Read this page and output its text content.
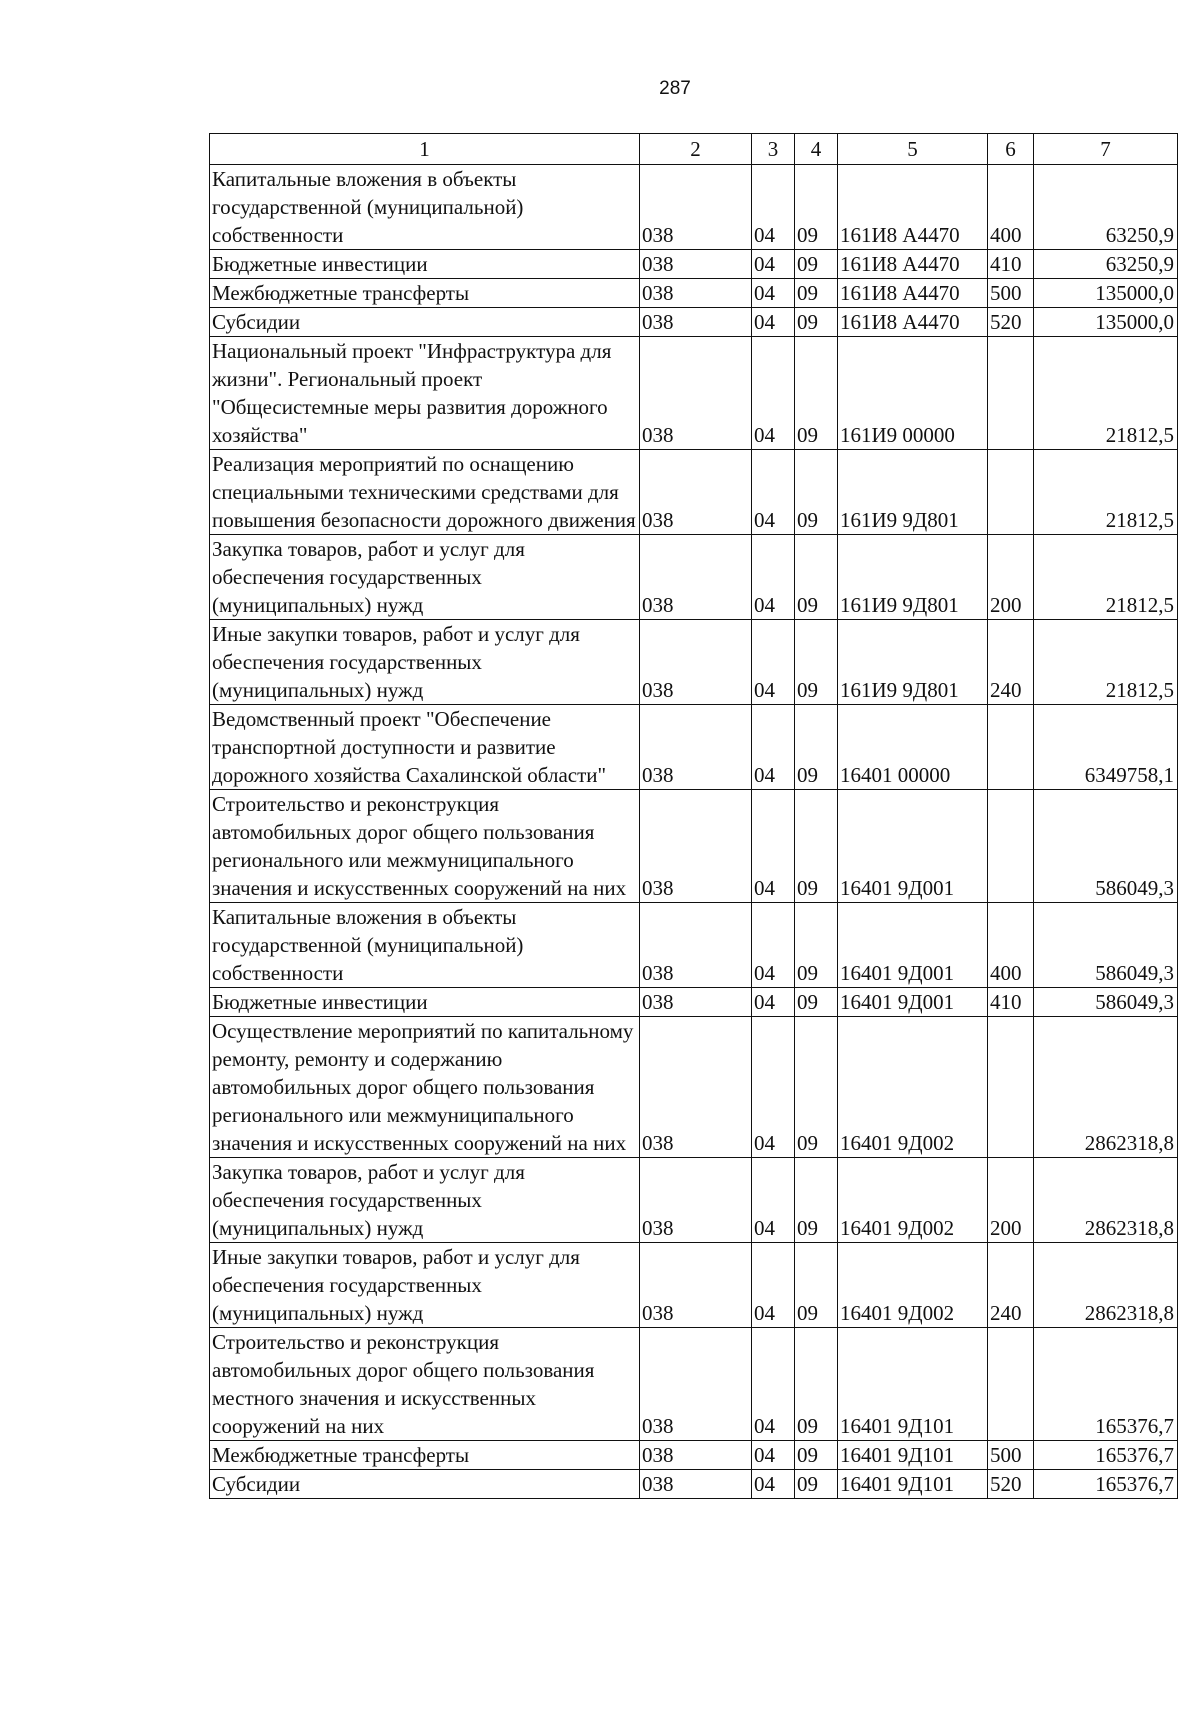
287
1	2	3	4	5	6	7
Капитальные вложения в объекты государственной (муниципальной) собственности	038	04	09	161И8 А4470	400	63250,9
Бюджетные инвестиции	038	04	09	161И8 А4470	410	63250,9
Межбюджетные трансферты	038	04	09	161И8 А4470	500	135000,0
Субсидии	038	04	09	161И8 А4470	520	135000,0
Национальный проект "Инфраструктура для жизни". Региональный проект "Общесистемные меры развития дорожного хозяйства"	038	04	09	161И9 00000		21812,5
Реализация мероприятий по оснащению специальными техническими средствами для повышения безопасности дорожного движения	038	04	09	161И9 9Д801		21812,5
Закупка товаров, работ и услуг для обеспечения государственных (муниципальных) нужд	038	04	09	161И9 9Д801	200	21812,5
Иные закупки товаров, работ и услуг для обеспечения государственных (муниципальных) нужд	038	04	09	161И9 9Д801	240	21812,5
Ведомственный проект "Обеспечение транспортной доступности и развитие дорожного хозяйства Сахалинской области"	038	04	09	16401 00000		6349758,1
Строительство и реконструкция автомобильных дорог общего пользования регионального или межмуниципального значения и искусственных сооружений на них	038	04	09	16401 9Д001		586049,3
Капитальные вложения в объекты государственной (муниципальной) собственности	038	04	09	16401 9Д001	400	586049,3
Бюджетные инвестиции	038	04	09	16401 9Д001	410	586049,3
Осуществление мероприятий по капитальному ремонту, ремонту и содержанию автомобильных дорог общего пользования регионального или межмуниципального значения и искусственных сооружений на них	038	04	09	16401 9Д002		2862318,8
Закупка товаров, работ и услуг для обеспечения государственных (муниципальных) нужд	038	04	09	16401 9Д002	200	2862318,8
Иные закупки товаров, работ и услуг для обеспечения государственных (муниципальных) нужд	038	04	09	16401 9Д002	240	2862318,8
Строительство и реконструкция автомобильных дорог общего пользования местного значения и искусственных сооружений на них	038	04	09	16401 9Д101		165376,7
Межбюджетные трансферты	038	04	09	16401 9Д101	500	165376,7
Субсидии	038	04	09	16401 9Д101	520	165376,7
